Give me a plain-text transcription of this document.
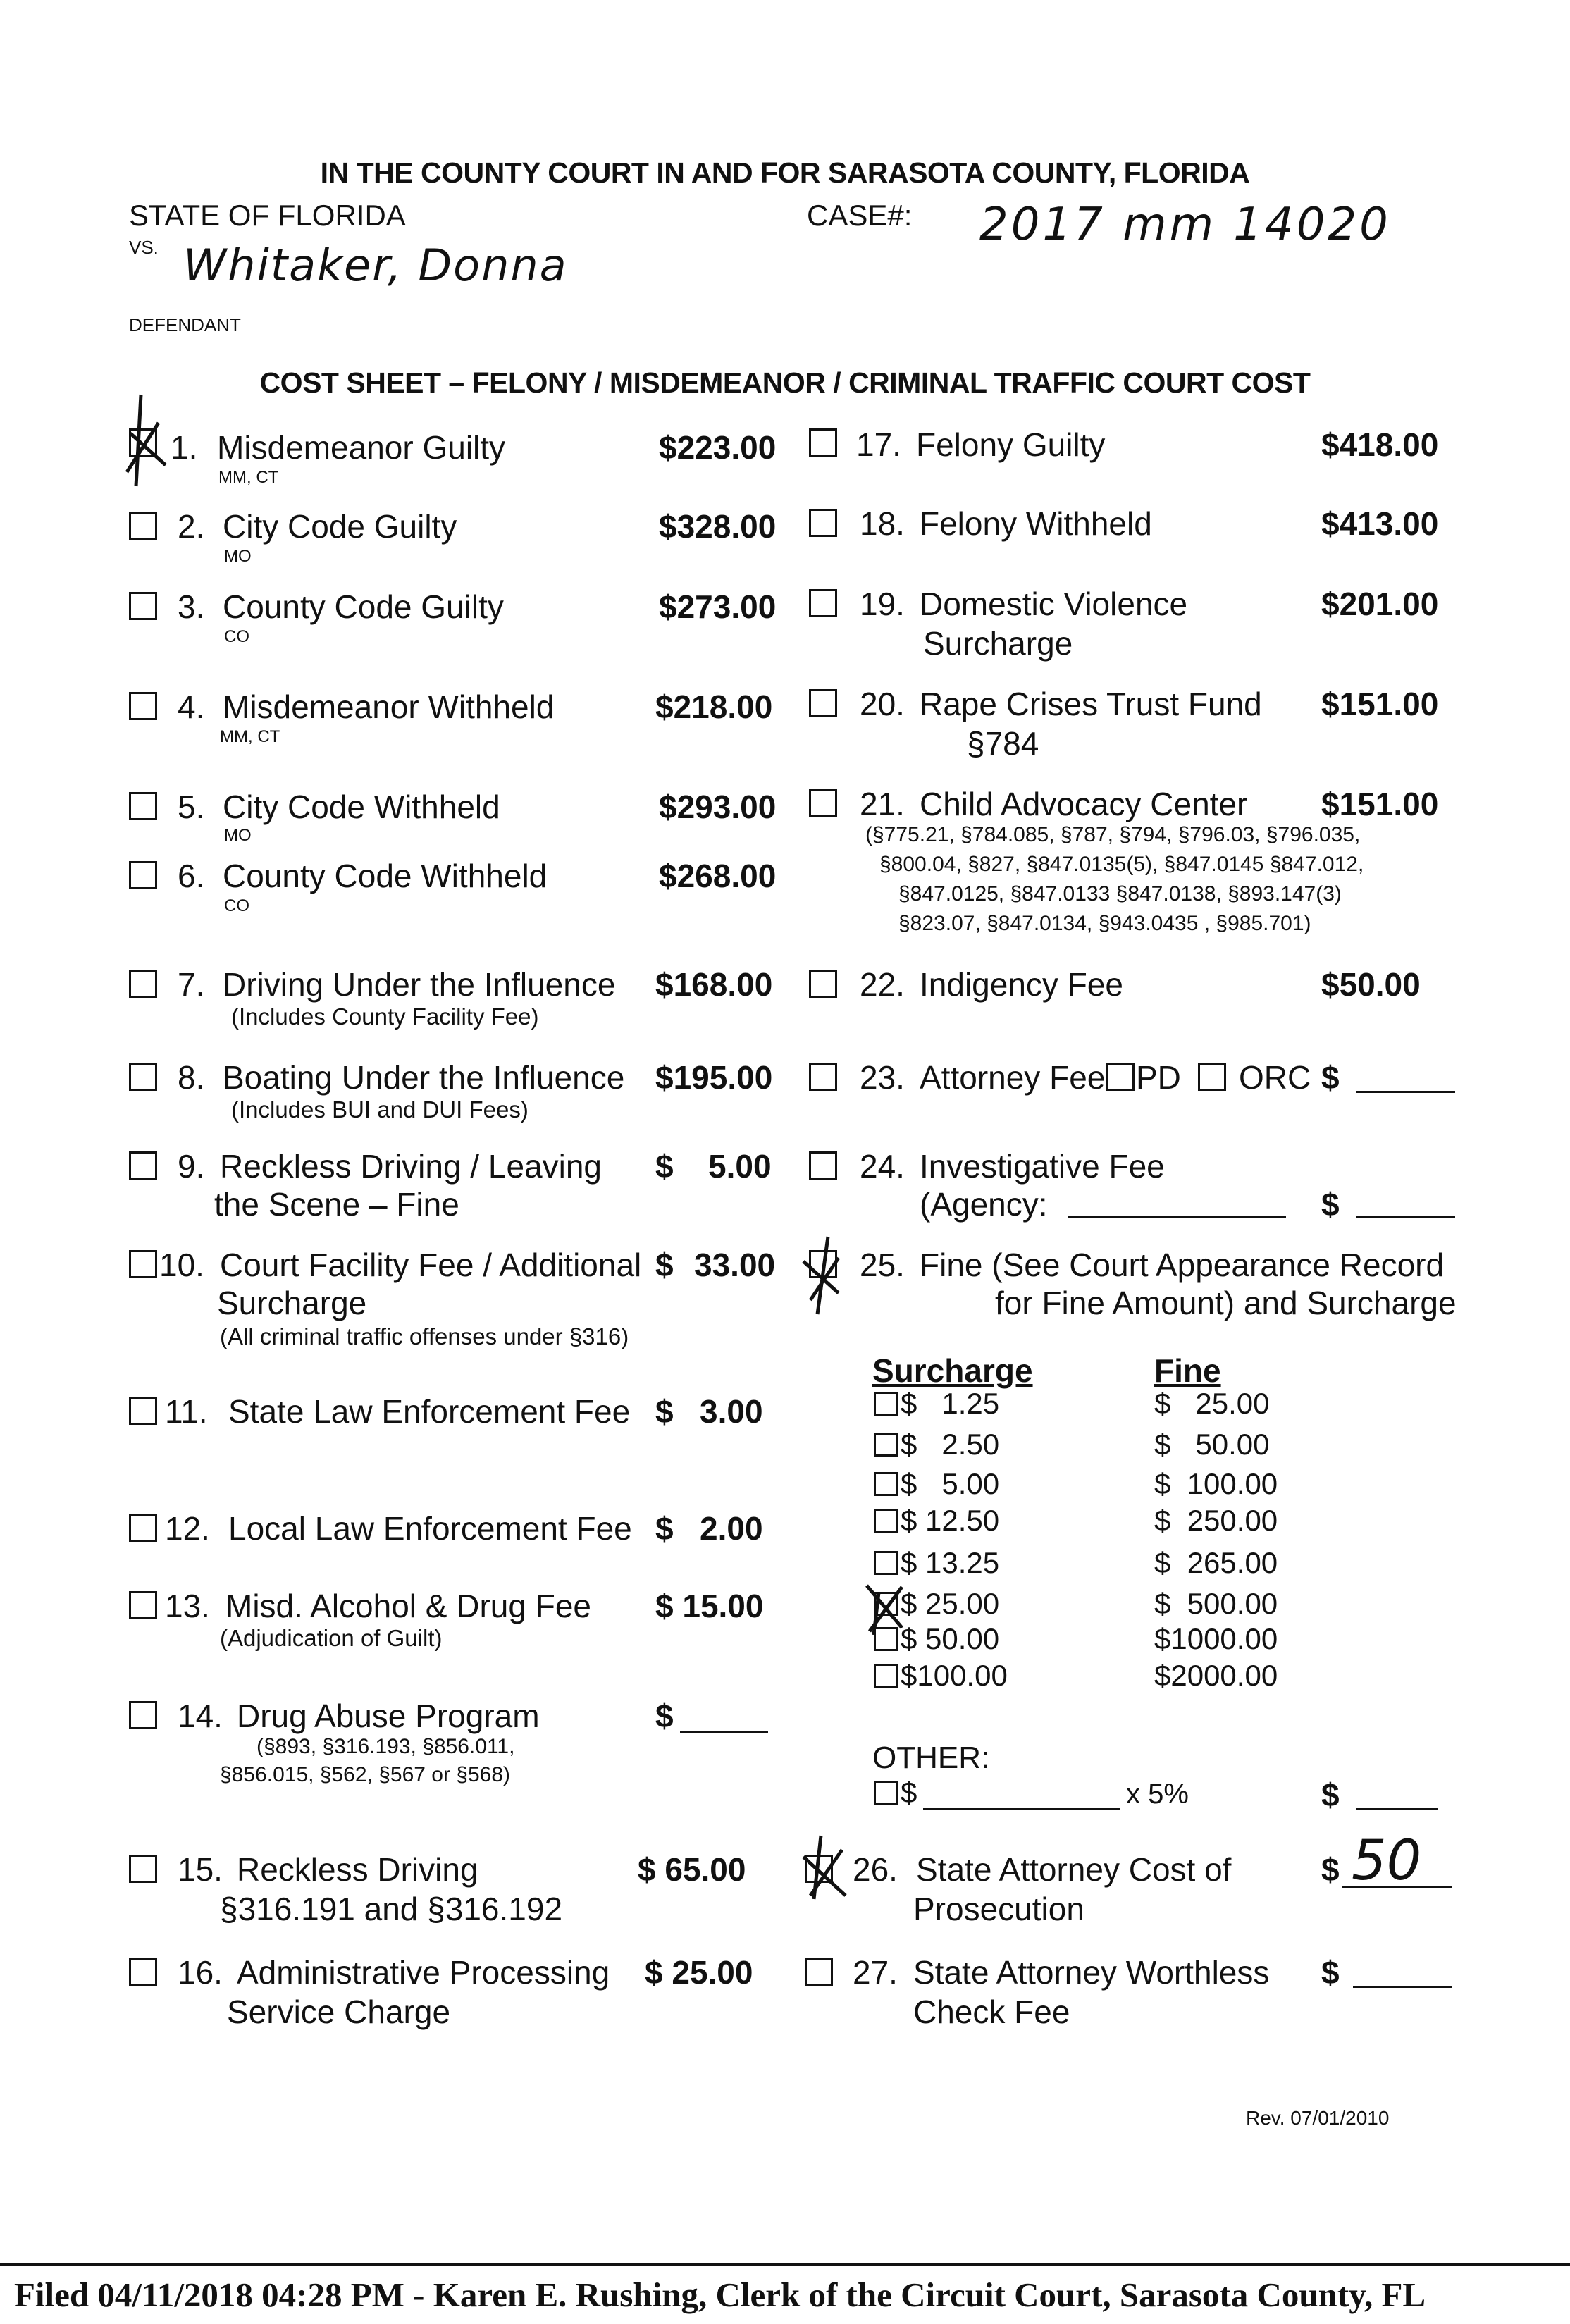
IN THE COUNTY COURT IN AND FOR SARASOTA COUNTY, FLORIDA
STATE OF FLORIDA
VS.
CASE#: 2017 mm 14020
Whitaker, Donna
DEFENDANT
COST SHEET – FELONY / MISDEMEANOR / CRIMINAL TRAFFIC COURT COST
1. Misdemeanor Guilty
MM, CT
$223.00
2. City Code Guilty
MO
$328.00
3. County Code Guilty
CO
$273.00
4. Misdemeanor Withheld
MM, CT
$218.00
5. City Code Withheld
MO
$293.00
6. County Code Withheld
CO
$268.00
7. Driving Under the Influence
(Includes County Facility Fee)
$168.00
8. Boating Under the Influence
(Includes BUI and DUI Fees)
$195.00
9. Reckless Driving / Leaving
the Scene – Fine
$ 5.00
10. Court Facility Fee / Additional
Surcharge
(All criminal traffic offenses under §316)
$ 33.00
11. State Law Enforcement Fee $ 3.00
12. Local Law Enforcement Fee $ 2.00
13. Misd. Alcohol & Drug Fee
(Adjudication of Guilt)
$ 15.00
14. Drug Abuse Program
(§893, §316.193, §856.011,
§856.015, §562, §567 or §568)
$
15. Reckless Driving
§316.191 and §316.192
$ 65.00
16. Administrative Processing
Service Charge
$ 25.00
17. Felony Guilty	$418.00
18. Felony Withheld	$413.00
19. Domestic Violence
Surcharge
$201.00
20. Rape Crises Trust Fund
§784
$151.00
21. Child Advocacy Center $151.00
(§775.21, §784.085, §787, §794, §796.03, §796.035,
§800.04, §827, §847.0135(5), §847.0145 §847.012,
§847.0125, §847.0133 §847.0138, §893.147(3)
§823.07, §847.0134, §943.0435 , §985.701)
22. Indigency Fee	$50.00
23. Attorney Fee PD ORC $
24. Investigative Fee
(Agency:	$
25. Fine (See Court Appearance Record
for Fine Amount) and Surcharge
Surcharge	Fine
$   1.25	$   25.00
$   2.50	$   50.00
$   5.00	$  100.00
$ 12.50	$  250.00
$ 13.25	$  265.00
$ 25.00	$  500.00
$ 50.00	$1000.00
$100.00	$2000.00
OTHER:
$	x 5%	$
26. State Attorney Cost of
Prosecution
$ 50
27. State Attorney Worthless
Check Fee
$
Rev. 07/01/2010
Filed 04/11/2018 04:28 PM - Karen E. Rushing, Clerk of the Circuit Court, Sarasota County, FL
